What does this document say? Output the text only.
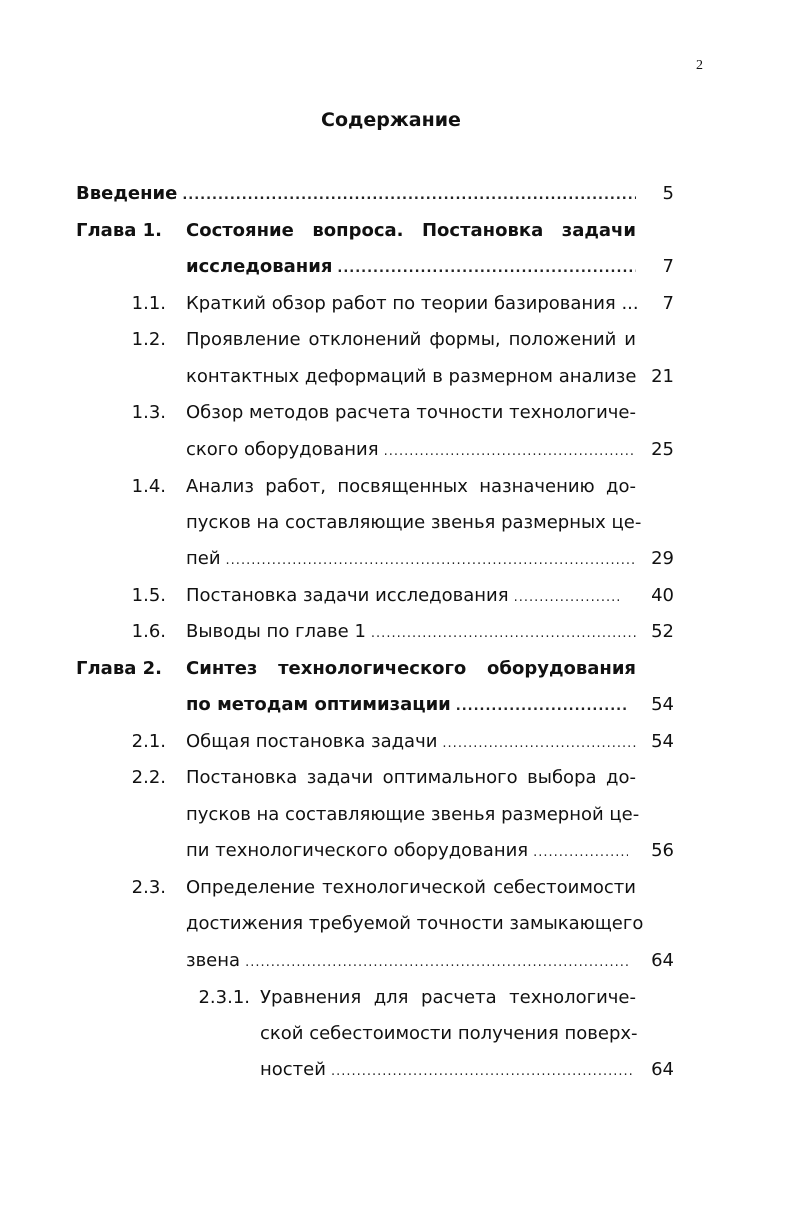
2
Содержание
Введение .....	5
Глава 1. Состояние вопроса. Постановка задачи
исследования .....	7
1.1. Краткий обзор работ по теории базирования ...	7
1.2. Проявление отклонений формы, положений и
контактных деформаций в размерном анализе 21
1.3. Обзор методов расчета точности технологиче-
ского оборудования .....	25
1.4. Анализ работ, посвященных назначению до-
пусков на составляющие звенья размерных це-
пей .....	29
1.5. Постановка задачи исследования .....	40
1.6. Выводы по главе 1 .....	52
Глава 2. Синтез технологического оборудования
по методам оптимизации .....	54
2.1. Общая постановка задачи .....	54
2.2. Постановка задачи оптимального выбора до-
пусков на составляющие звенья размерной це-
пи технологического оборудования .....	56
2.3. Определение технологической себестоимости
достижения требуемой точности замыкающего
звена .....	64
2.3.1. Уравнения для расчета технологиче-
ской себестоимости получения поверх-
ностей .....	64
